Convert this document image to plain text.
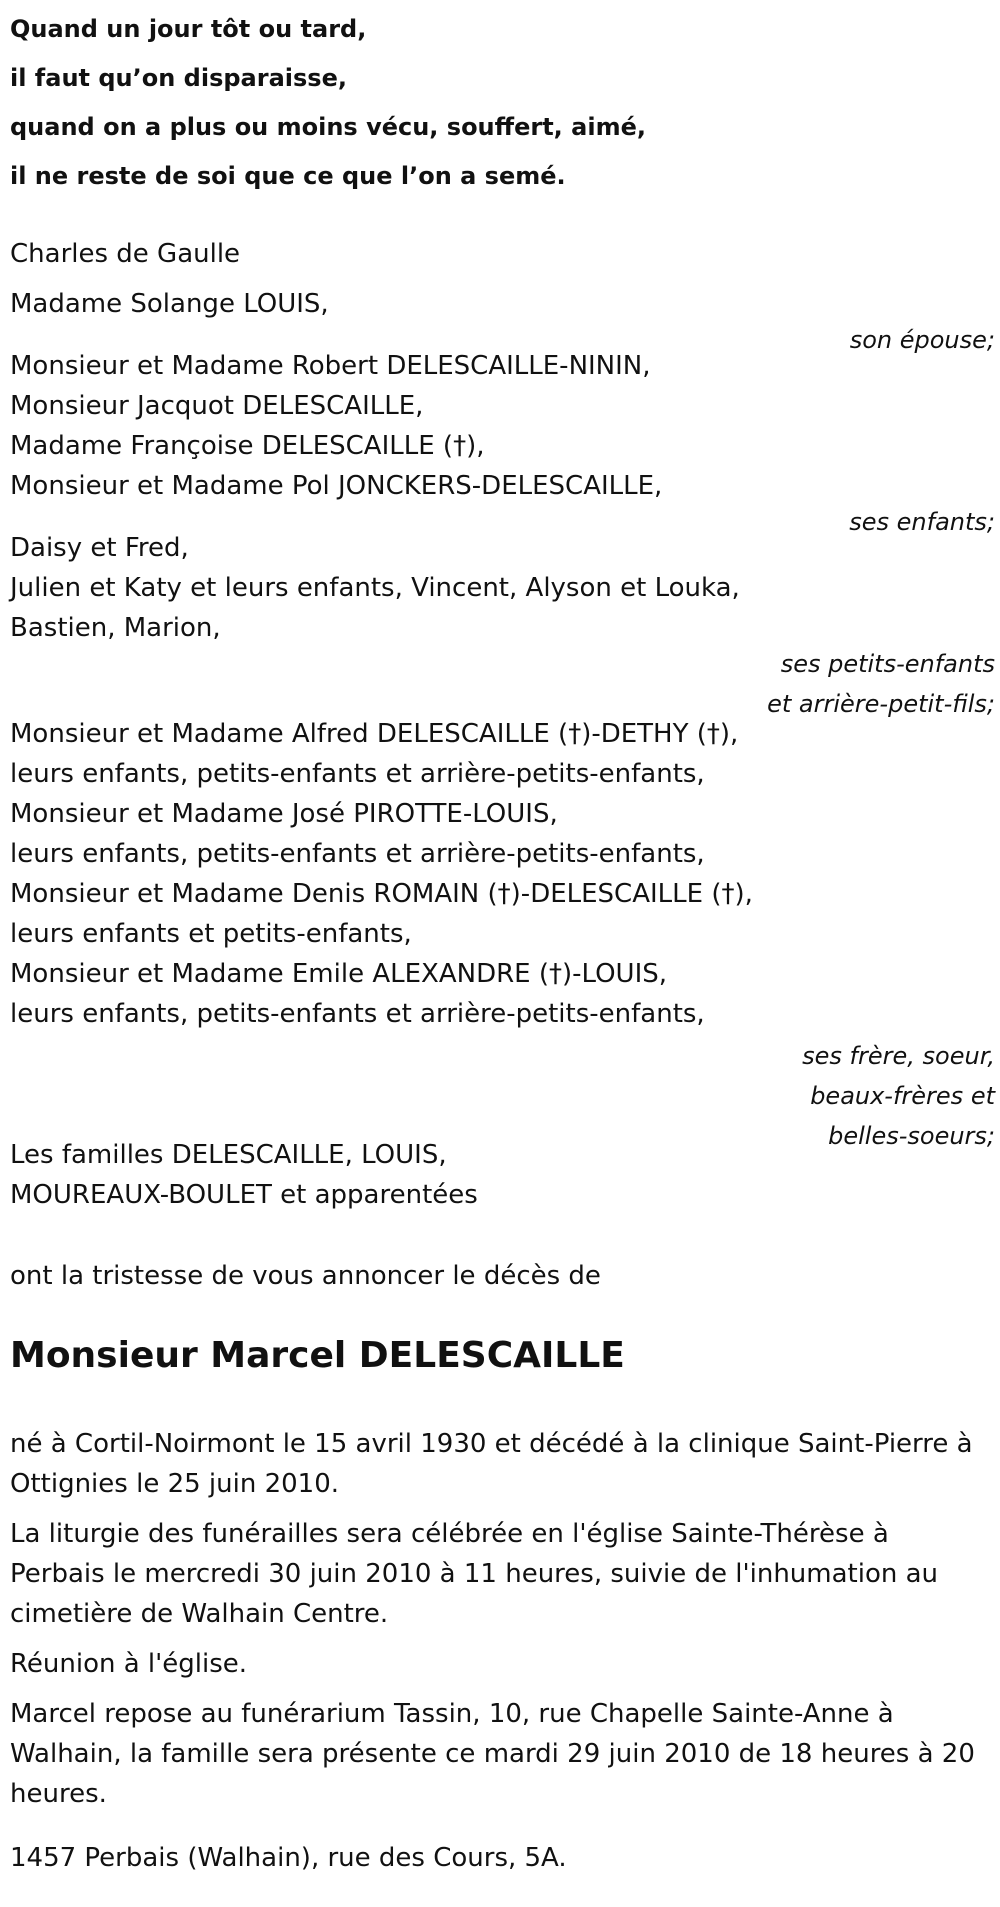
Quand un jour tôt ou tard,
il faut qu’on disparaisse,
quand on a plus ou moins vécu, souffert, aimé,
il ne reste de soi que ce que l’on a semé.
Charles de Gaulle
Madame Solange LOUIS,
son épouse;
Monsieur et Madame Robert DELESCAILLE-NININ,
Monsieur Jacquot DELESCAILLE,
Madame Françoise DELESCAILLE (†),
Monsieur et Madame Pol JONCKERS-DELESCAILLE,
ses enfants;
Daisy et Fred,
Julien et Katy et leurs enfants, Vincent, Alyson et Louka,
Bastien, Marion,
ses petits-enfants
et arrière-petit-fils;
Monsieur et Madame Alfred DELESCAILLE (†)-DETHY (†),
leurs enfants, petits-enfants et arrière-petits-enfants,
Monsieur et Madame José PIROTTE-LOUIS,
leurs enfants, petits-enfants et arrière-petits-enfants,
Monsieur et Madame Denis ROMAIN (†)-DELESCAILLE (†),
leurs enfants et petits-enfants,
Monsieur et Madame Emile ALEXANDRE (†)-LOUIS,
leurs enfants, petits-enfants et arrière-petits-enfants,
ses frère, soeur,
beaux-frères et
belles-soeurs;
Les familles DELESCAILLE, LOUIS,
MOUREAUX-BOULET et apparentées
ont la tristesse de vous annoncer le décès de
Monsieur Marcel DELESCAILLE
né à Cortil-Noirmont le 15 avril 1930 et décédé à la clinique Saint-Pierre à Ottignies le 25 juin 2010.
La liturgie des funérailles sera célébrée en l'église Sainte-Thérèse à Perbais le mercredi 30 juin 2010 à 11 heures, suivie de l'inhumation au cimetière de Walhain Centre.
Réunion à l'église.
Marcel repose au funérarium Tassin, 10, rue Chapelle Sainte-Anne à Walhain, la famille sera présente ce mardi 29 juin 2010 de 18 heures à 20 heures.
1457 Perbais (Walhain), rue des Cours, 5A.
